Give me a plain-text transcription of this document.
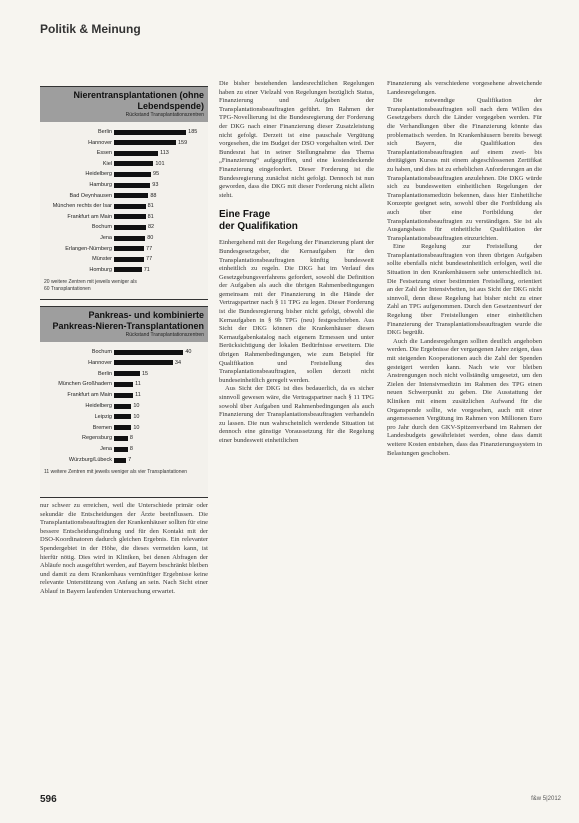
Politik & Meinung
Nierentransplantationen (ohne Lebendspende)
Rückstand Transplantationszentren
Berlin	185
Hannover	159
Essen	113
Kiel	101
Heidelberg	95
Hamburg	93
Bad Oeynhausen	88
München rechts der Isar	81
Frankfurt am Main	81
Bochum	82
Jena	80
Erlangen-Nürnberg	77
Münster	77
Homburg	71
20 weitere Zentren mit jeweils weniger als
60 Transplantationen
Pankreas- und kombinierte
Pankreas-Nieren-Transplantationen
Rückstand Transplantationszentren
Bochum	40
Hannover	34
Berlin	15
München Großhadern	11
Frankfurt am Main	11
Heidelberg	10
Leipzig	10
Bremen	10
Regensburg	8
Jena	8
Würzburg/Lübeck	7
11 weitere Zentren mit jeweils weniger als vier Transplantationen

nur schwer zu erreichen, weil die Unterschiede primär oder sekundär die Entscheidungen der Ärzte beeinflussen. Die Transplantationsbeauftragten der Krankenhäuser sollten für eine bessere Entscheidungsfindung und für den Kontakt mit der DSO-Koordinatoren dadurch gleichen Ergebnis. Ein relevanter Spendergebiet in der Höhe, die dieses vermeiden kann, ist hierfür nötig. Dies wird in Kliniken, bei denen Abfragen der Abläufe noch ausgeführt werden, auf Bayern beschränkt bleiben und damit zu dem Krankenhaus vernünftiger Ergebnisse keine relevante Unterstützung von Anfang an sein. Nach Sicht einer Ablauf in Bayern laufenden Untersuchung erwartet.

Die bisher bestehenden landesrechtlichen Regelungen haben zu einer Vielzahl von Regelungen bezüglich Status, Finanzierung und Aufgaben der Transplantationsbeauftragten geführt. Im Rahmen der TPG-Novellierung ist die Bundesregierung der Forderung der DKG nach einer Finanzierung dieser Zusatzleistung nicht gefolgt. Derzeit ist eine pauschale Vergütung vorgesehen, die im Budget der DSO vorgehalten wird. Der Bundesrat hat in seiner Stellungnahme das Thema „Finanzierung“ aufgegriffen, und eine kostendeckende Finanzierung eingefordert. Dieser Forderung ist die Bundesregierung zunächst nicht gefolgt. Dennoch ist nun geworden, dass die DKG mit dieser Forderung nicht allein steht.

Eine Frage
der Qualifikation

Einhergehend mit der Regelung der Finanzierung plant der Bundesgesetzgeber, die Kernaufgaben für den Transplantationsbeauftragten künftig bundesweit einheitlich zu regeln. Die DKG hat im Verlauf des Gesetzgebungsverfahrens gefordert, sowohl die Definition der Aufgaben als auch die übrigen Rahmenbedingungen gemeinsam mit der Finanzierung in die Hände der Vertragspartner nach § 11 TPG zu legen. Dieser Forderung ist die Bundesregierung bisher nicht gefolgt, obwohl die Kernaufgaben in § 9b TPG (neu) festgeschrieben. Aus Sicht der DKG können die Krankenhäuser diesen Kernaufgabenkatalog nach eigenem Ermessen und unter Berücksichtigung der lokalen Bedürfnisse erweitern. Die übrigen Rahmenbedingungen, wie zum Beispiel für Qualifikation und Freistellung des Transplantationsbeauftragten, sollen derzeit nicht bundeseinheitlich geregelt werden.

Aus Sicht der DKG ist dies bedauerlich, da es sicher sinnvoll gewesen wäre, die Vertragspartner nach § 11 TPG sowohl über Aufgaben und Rahmenbedingungen als auch Finanzierung der Transplantationsbeauftragten verhandeln zu lassen. Die nun wahrscheinlich werdende Situation ist dennoch eine günstige Voraussetzung für die Regelung einer bundesweit einheitlichen

Finanzierung als verschiedene vorgesehene abweichende Landesregelungen.

Die notwendige Qualifikation der Transplantationsbeauftragten soll nach dem Willen des Gesetzgebers durch die Länder vorgegeben werden. Für die Verhandlungen über die Finanzierung könnte das problematisch werden. In Krankenhäusern bereits bewegt sich Bayern, die Qualifikation des Transplantationsbeauftragten auf einem zwei- bis dreitägigen Kursus mit einem abgeschlossenen Zertifikat zu haben, und dies ist zu erheblichen Anforderungen an die Transplantationsbeauftragten anzulehnen. Die DKG würde sich zu bundesweiten einheitlichen Regelungen der Transplantationsmedizin bekennen, dass hier Einheitliche Konzepte geeignet sein, sowohl über die Fortbildung als auch über eine Fortbildung der Transplantationsbeauftragten zu verständigen. Sie ist als Ausgangsbasis für einheitliche Qualifikation der Transplantationsbeauftragten einzurichten.

Eine Regelung zur Freistellung der Transplantationsbeauftragten von ihren übrigen Aufgaben sollte ebenfalls nicht bundeseinheitlich erfolgen, weil die Situation in den Krankenhäusern sehr unterschiedlich ist. Die Festsetzung einer bestimmten Freistellung, orientiert an der Zahl der Intensivbetten, ist aus Sicht der DKG nicht sinnvoll, denn diese Regelung hat bisher nicht zu einer Zahl an TPG aufgenommen. Durch den Gesetzentwurf der Regelung über Freistellungen einer einheitlichen Finanzierung der Transplantationsbeauftragten wurde die DKG begrüßt.

Auch die Landesregelungen sollten deutlich angehoben werden. Die Ergebnisse der vergangenen Jahre zeigen, dass mit steigenden Kooperationen auch die Zahl der Spenden gesteigert werden kann. Nach wie vor bleiben Anstrengungen noch nicht vollständig umgesetzt, um den Zielen der Intensivmedizin im Rahmen des TPG einen neuen Schwerpunkt zu geben. Die Ausstattung der Kliniken mit einem zusätzlichen Aufwand für die Organspende sollte, wie vorgesehen, auch mit einer angemessenen Vergütung im Rahmen von Millionen Euro pro Jahr durch den GKV-Spitzenverband im Rahmen der Landesbudgets gewährleistet werden, ohne dass damit weitere Kosten entstehen, dass das Finanzierungssystem in Belastungen geschoben.

596	f&w 5|2012
